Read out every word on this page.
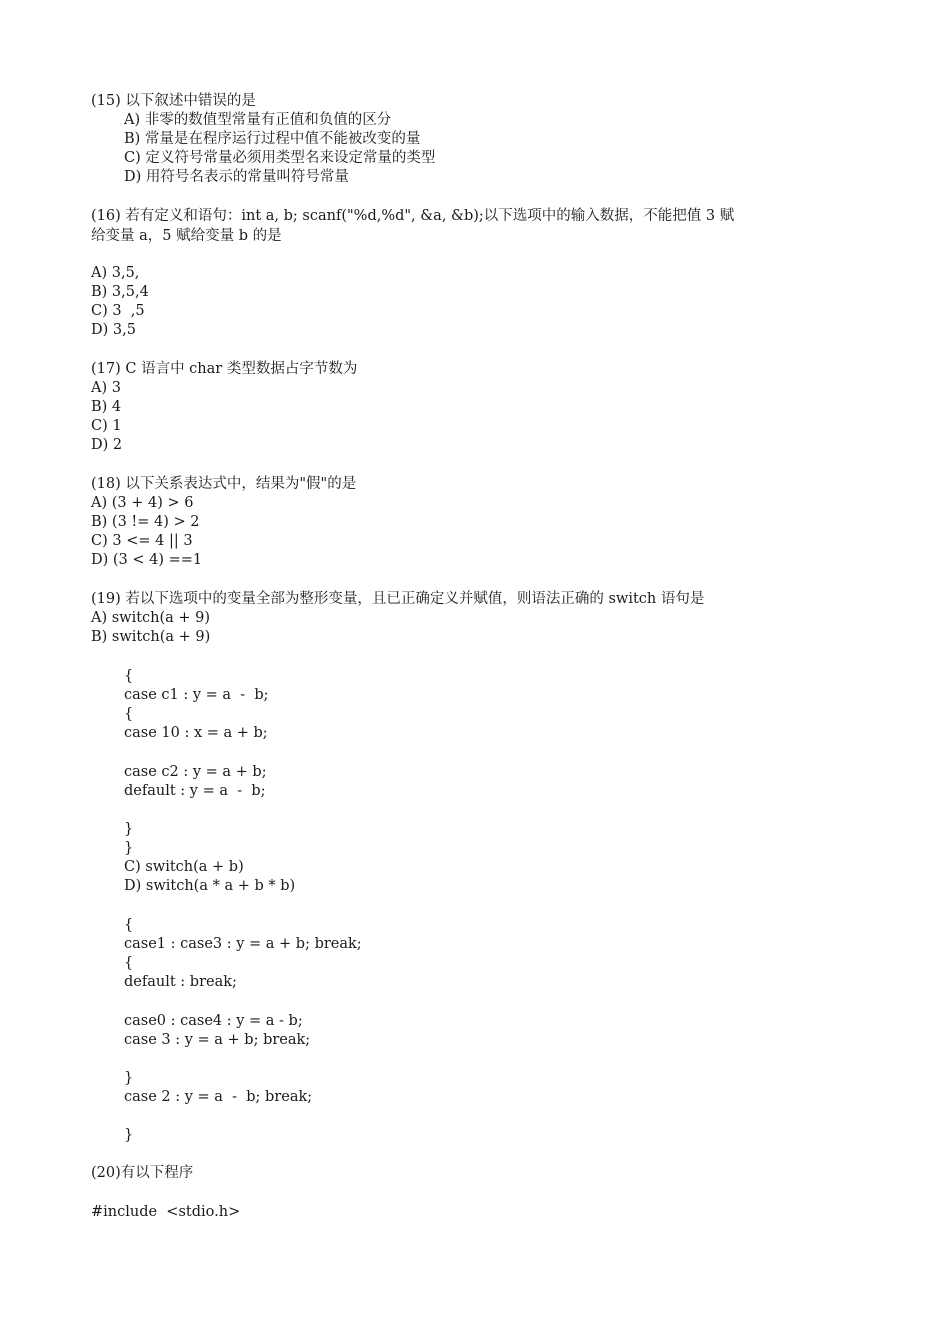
(15) 以下叙述中错误的是
A) 非零的数值型常量有正值和负值的区分
B) 常量是在程序运行过程中值不能被改变的量
C) 定义符号常量必须用类型名来设定常量的类型
D) 用符号名表示的常量叫符号常量
(16) 若有定义和语句：int a, b; scanf("%d,%d", &a, &b);以下选项中的输入数据，不能把值 3 赋
给变量 a，5 赋给变量 b 的是
A) 3,5,
B) 3,5,4
C) 3  ,5
D) 3,5
(17) C 语言中 char 类型数据占字节数为
A) 3
B) 4
C) 1
D) 2
(18) 以下关系表达式中，结果为"假"的是
A) (3 + 4) > 6
B) (3 != 4) > 2
C) 3 <= 4 || 3
D) (3 < 4) ==1
(19) 若以下选项中的变量全部为整形变量，且已正确定义并赋值，则语法正确的 switch 语句是
A) switch(a + 9)
B) switch(a + 9)
{
case c1 : y = a  -  b;
{
case 10 : x = a + b;
case c2 : y = a + b;
default : y = a  -  b;
}
}
C) switch(a + b)
D) switch(a * a + b * b)
{
case1 : case3 : y = a + b; break;
{
default : break;
case0 : case4 : y = a - b;
case 3 : y = a + b; break;
}
case 2 : y = a  -  b; break;
}
(20)有以下程序
#include  <stdio.h>
